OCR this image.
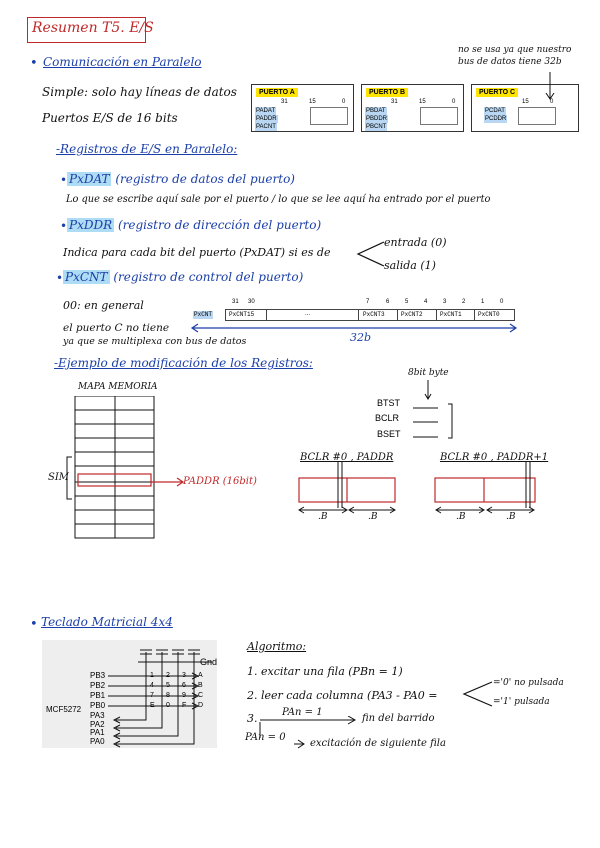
Resumen T5. E/S
• Comunicación en Paralelo
no se usa ya que nuestro bus de datos tiene 32b
Simple: solo hay líneas de datos
Puertos E/S de 16 bits
PUERTO A
31	15	0
PADAT
PADDR
PACNT
PUERTO B
31	15	0
PBDAT
PBDDR
PBCNT
PUERTO C
15	0
PCDAT
PCDDR
-Registros de E/S en Paralelo:
• PxDAT (registro de datos del puerto)
Lo que se escribe aquí sale por el puerto / lo que se lee aquí ha entrado por el puerto
• PxDDR (registro de dirección del puerto)
Indica para cada bit del puerto (PxDAT) si es de
entrada (0)
salida (1)
• PxCNT (registro de control del puerto)
00: en general
el puerto C no tiene
ya que se multiplexa con bus de datos
31 30	7	6	5	4	3	2	1	0
PxCNT	PxCNT15	...	PxCNT3	PxCNT2	PxCNT1	PxCNT0
32b
-Ejemplo de modificación de los Registros:
MAPA MEMORIA
SIM	PADDR (16bit)
8bit byte
BTST
BCLR
BSET
BCLR #0 , PADDR	BCLR #0 , PADDR+1
.B	.B	.B	.B
• Teclado Matricial 4x4
Gnd
MCF5272
PB3
PB2
PB1
PB0
PA3
PA2
PA1
PA0
1 2 3 A
4 5 6 B
7 8 9 C
E 0 F D
Algoritmo:
1. excitar una fila (PBn = 1)
2. leer cada columna (PA3 - PA0 =
='0' no pulsada
='1' pulsada
3. PAn = 1
fin del barrido
PAn = 0
excitación de siguiente fila
